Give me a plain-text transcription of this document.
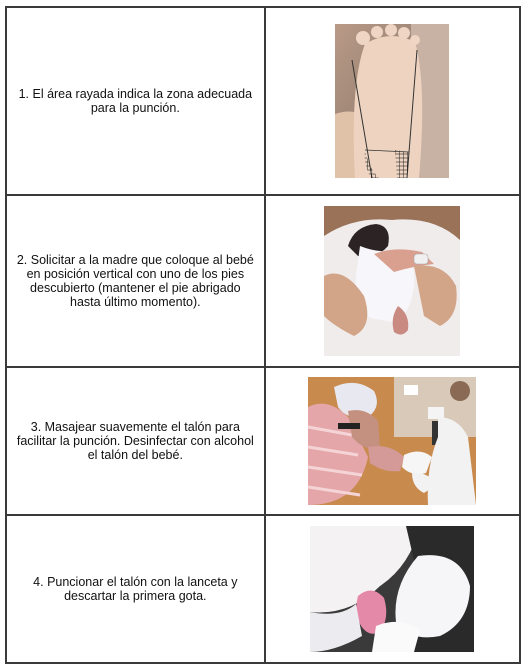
1. El área rayada indica la zona adecuada para la punción.

2. Solicitar a la madre que coloque al bebé en posición vertical con uno de los pies descubierto (mantener el pie abrigado hasta último momento).

3. Masajear suavemente el talón para facilitar la punción. Desinfectar con alcohol el talón del bebé.

4. Puncionar el talón con la lanceta y descartar la primera gota.
